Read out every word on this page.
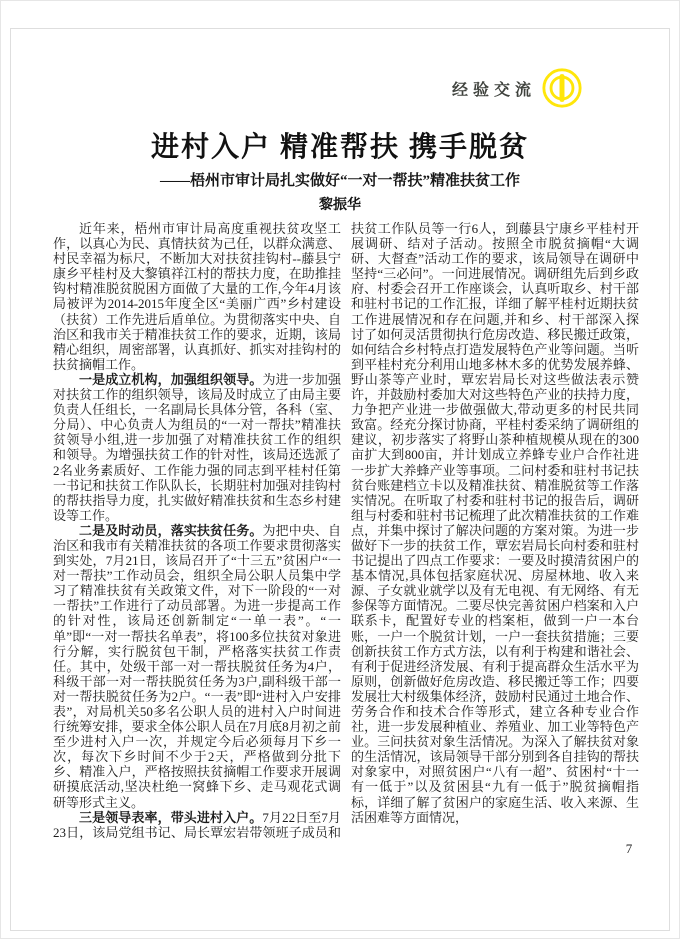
经验交流
进村入户 精准帮扶 携手脱贫
——梧州市审计局扎实做好“一对一帮扶”精准扶贫工作
黎振华

近年来，梧州市审计局高度重视扶贫攻坚工作，以真心为民、真情扶贫为己任，以群众满意、村民幸福为标尺，不断加大对扶贫挂钩村--藤县宁康乡平桂村及大黎镇祥江村的帮扶力度，在助推挂钩村精准脱贫脱困方面做了大量的工作,今年4月该局被评为2014-2015年度全区“美丽广西”乡村建设（扶贫）工作先进后盾单位。为贯彻落实中央、自治区和我市关于精准扶贫工作的要求，近期，该局精心组织，周密部署，认真抓好、抓实对挂钩村的扶贫摘帽工作。

一是成立机构，加强组织领导。为进一步加强对扶贫工作的组织领导，该局及时成立了由局主要负责人任组长，一名副局长具体分管，各科（室、分局）、中心负责人为组员的“一对一帮扶”精准扶贫领导小组,进一步加强了对精准扶贫工作的组织和领导。为增强扶贫工作的针对性，该局还选派了2名业务素质好、工作能力强的同志到平桂村任第一书记和扶贫工作队队长，长期驻村加强对挂钩村的帮扶指导力度，扎实做好精准扶贫和生态乡村建设等工作。

二是及时动员，落实扶贫任务。为把中央、自治区和我市有关精准扶贫的各项工作要求贯彻落实到实处，7月21日，该局召开了“十三五”贫困户“一对一帮扶”工作动员会，组织全局公职人员集中学习了精准扶贫有关政策文件，对下一阶段的“一对一帮扶”工作进行了动员部署。为进一步提高工作的针对性，该局还创新制定“一单一表”。“一单”即“一对一帮扶名单表”，将100多位扶贫对象进行分解，实行脱贫包干制，严格落实扶贫工作责任。其中，处级干部一对一帮扶脱贫任务为4户，科级干部一对一帮扶脱贫任务为3户,副科级干部一对一帮扶脱贫任务为2户。“一表”即“进村入户安排表”，对局机关50多名公职人员的进村入户时间进行统筹安排，要求全体公职人员在7月底8月初之前至少进村入户一次，并规定今后必须每月下乡一次，每次下乡时间不少于2天，严格做到分批下乡、精准入户，严格按照扶贫摘帽工作要求开展调研摸底活动,坚决杜绝一窝蜂下乡、走马观花式调研等形式主义。

三是领导表率，带头进村入户。7月22日至7月23日，该局党组书记、局长覃宏岩带领班子成员和扶贫工作队员等一行6人，到藤县宁康乡平桂村开展调研、结对子活动。按照全市脱贫摘帽“大调研、大督查”活动工作的要求，该局领导在调研中坚持“三必问”。一问进展情况。调研组先后到乡政府、村委会召开工作座谈会，认真听取乡、村干部和驻村书记的工作汇报，详细了解平桂村近期扶贫工作进展情况和存在问题,并和乡、村干部深入探讨了如何灵活贯彻执行危房改造、移民搬迁政策，如何结合乡村特点打造发展特色产业等问题。当听到平桂村充分利用山地多林木多的优势发展养蜂、野山茶等产业时，覃宏岩局长对这些做法表示赞许，并鼓励村委加大对这些特色产业的扶持力度，力争把产业进一步做强做大,带动更多的村民共同致富。经充分探讨协商，平桂村委采纳了调研组的建议，初步落实了将野山茶种植规模从现在的300亩扩大到800亩，并计划成立养蜂专业户合作社进一步扩大养蜂产业等事项。二问村委和驻村书记扶贫台账建档立卡以及精准扶贫、精准脱贫等工作落实情况。在听取了村委和驻村书记的报告后，调研组与村委和驻村书记梳理了此次精准扶贫的工作难点，并集中探讨了解决问题的方案对策。为进一步做好下一步的扶贫工作，覃宏岩局长向村委和驻村书记提出了四点工作要求：一要及时摸清贫困户的基本情况,具体包括家庭状况、房屋林地、收入来源、子女就业就学以及有无电视、有无网络、有无参保等方面情况。二要尽快完善贫困户档案和入户联系卡，配置好专业的档案柜，做到一户一本台账，一户一个脱贫计划，一户一套扶贫措施；三要创新扶贫工作方式方法，以有利于构建和谐社会、有利于促进经济发展、有利于提高群众生活水平为原则，创新做好危房改造、移民搬迁等工作；四要发展壮大村级集体经济，鼓励村民通过土地合作、劳务合作和技术合作等形式，建立各种专业合作社，进一步发展种植业、养殖业、加工业等特色产业。三问扶贫对象生活情况。为深入了解扶贫对象的生活情况，该局领导干部分别到各自挂钩的帮扶对象家中，对照贫困户“八有一超”、贫困村“十一有一低于”以及贫困县“九有一低于”脱贫摘帽指标，详细了解了贫困户的家庭生活、收入来源、生活困难等方面情况，

7
